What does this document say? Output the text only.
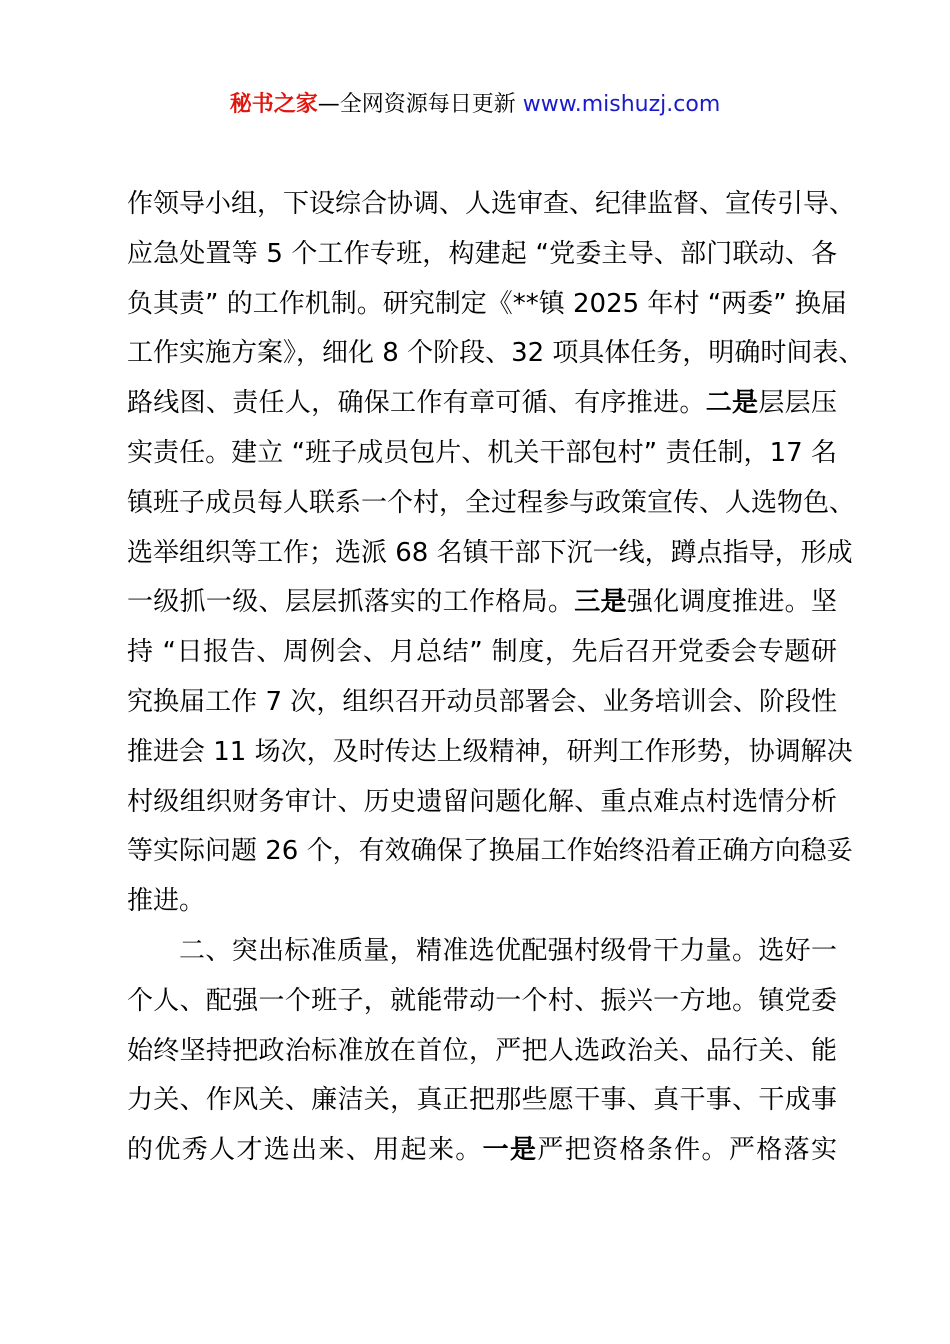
秘书之家—全网资源每日更新 www.mishuzj.com
作领导小组，下设综合协调、人选审查、纪律监督、宣传引导、
应急处置等 5 个工作专班，构建起 “党委主导、部门联动、各
负其责” 的工作机制。研究制定《**镇 2025 年村 “两委” 换届
工作实施方案》，细化 8 个阶段、32 项具体任务，明确时间表、
路线图、责任人，确保工作有章可循、有序推进。二是层层压
实责任。建立 “班子成员包片、机关干部包村” 责任制，17 名
镇班子成员每人联系一个村，全过程参与政策宣传、人选物色、
选举组织等工作；选派 68 名镇干部下沉一线，蹲点指导，形成
一级抓一级、层层抓落实的工作格局。三是强化调度推进。坚
持 “日报告、周例会、月总结” 制度，先后召开党委会专题研
究换届工作 7 次，组织召开动员部署会、业务培训会、阶段性
推进会 11 场次，及时传达上级精神，研判工作形势，协调解决
村级组织财务审计、历史遗留问题化解、重点难点村选情分析
等实际问题 26 个，有效确保了换届工作始终沿着正确方向稳妥
推进。
二、突出标准质量，精准选优配强村级骨干力量。选好一
个人、配强一个班子，就能带动一个村、振兴一方地。镇党委
始终坚持把政治标准放在首位，严把人选政治关、品行关、能
力关、作风关、廉洁关，真正把那些愿干事、真干事、干成事
的优秀人才选出来、用起来。一是严把资格条件。严格落实
